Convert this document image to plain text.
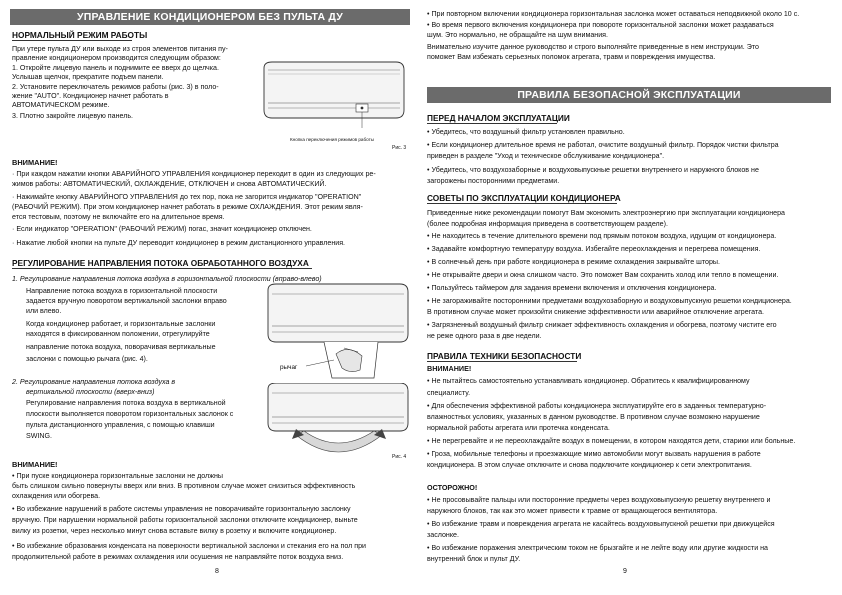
УПРАВЛЕНИЕ КОНДИЦИОНЕРОМ БЕЗ ПУЛЬТА ДУ
НОРМАЛЬНЫЙ РЕЖИМ РАБОТЫ
При утере пульта ДУ или выходе из строя элементов питания пу-
правление кондиционером производится следующим образом:
1. Откройте лицевую панель и поднимите ее вверх до щелчка.
Услышав щелчок, прекратите подъем панели.
2. Установите переключатель режимов работы (рис. 3) в поло-
жение "AUTO". Кондиционер начнет работать в
АВТОМАТИЧЕСКОМ режиме.
3. Плотно закройте лицевую панель.
Кнопка переключения режимов работы
Рис. 3
ВНИМАНИЕ!
· При каждом нажатии кнопки АВАРИЙНОГО УПРАВЛЕНИЯ кондиционер переходит в один из следующих ре-
жимов работы: АВТОМАТИЧЕСКИЙ, ОХЛАЖДЕНИЕ, ОТКЛЮЧЕН и снова АВТОМАТИЧЕСКИЙ.
· Нажимайте кнопку АВАРИЙНОГО УПРАВЛЕНИЯ до тех пор, пока не загорится индикатор "OPERATION"
(РАБОЧИЙ РЕЖИМ). При этом кондиционер начнет работать в режиме ОХЛАЖДЕНИЯ. Этот режим явля-
ется тестовым, поэтому не включайте его на длительное время.
· Если индикатор "OPERATION" (РАБОЧИЙ РЕЖИМ) погас, значит кондиционер отключен.
· Нажатие любой кнопки на пульте ДУ переводит кондиционер в режим дистанционного управления.
РЕГУЛИРОВАНИЕ НАПРАВЛЕНИЯ ПОТОКА ОБРАБОТАННОГО ВОЗДУХА
1. Регулирование направления потока воздуха в горизонтальной плоскости (вправо-влево)
Направление потока воздуха в горизонтальной плоскости
задается вручную поворотом вертикальной заслонки вправо
или влево.
Когда кондиционер работает, и горизонтальные заслонки
находятся в фиксированном положении, отрегулируйте
направление потока воздуха, поворачивая вертикальные
заслонки с помощью рычага (рис. 4).
рычаг
2. Регулирование направления потока воздуха в
вертикальной плоскости (вверх-вниз)
Регулирование направления потока воздуха в вертикальной
плоскости выполняется поворотом горизонтальных заслонок с
пульта дистанционного управления, с помощью клавиши
SWING.
Рис. 4
ВНИМАНИЕ!
• При пуске кондиционера горизонтальные заслонки не должны
быть слишком сильно повернуты вверх или вниз. В противном случае может снизиться эффективность
охлаждения или обогрева.
• Во избежание нарушений в работе системы управления не поворачивайте горизонтальную заслонку
вручную. При нарушении нормальной работы горизонтальной заслонки отключите кондиционер, выньте
вилку из розетки, через несколько минут снова вставьте вилку в розетку и включите кондиционер.
• Во избежание образования конденсата на поверхности вертикальной заслонки и стекания его на пол при
продолжительной работе в режимах охлаждения или осушения не направляйте поток воздуха вниз.
8
• При повторном включении кондиционера горизонтальная заслонка может оставаться неподвижной около 10 с.
• Во время первого включения кондиционера при повороте горизонтальной заслонки может раздаваться
шум. Это нормально, не обращайте на шум внимания.
Внимательно изучите данное руководство и строго выполняйте приведенные в нем инструкции. Это
поможет Вам избежать серьезных поломок агрегата, травм и повреждения имущества.
ПРАВИЛА БЕЗОПАСНОЙ ЭКСПЛУАТАЦИИ
ПЕРЕД НАЧАЛОМ ЭКСПЛУАТАЦИИ
• Убедитесь, что воздушный фильтр установлен правильно.
• Если кондиционер длительное время не работал, очистите воздушный фильтр. Порядок чистки фильтра
приведен в разделе "Уход и техническое обслуживание кондиционера".
• Убедитесь, что воздухозаборные и воздуховыпускные решетки внутреннего и наружного блоков не
загорожены посторонними предметами.
СОВЕТЫ ПО ЭКСПЛУАТАЦИИ КОНДИЦИОНЕРА
Приведенные ниже рекомендации помогут Вам экономить электроэнергию при эксплуатации кондиционера
(более подробная информация приведена в соответствующем разделе).
• Не находитесь в течение длительного времени под прямым потоком воздуха, идущим от кондиционера.
• Задавайте комфортную температуру воздуха. Избегайте переохлаждения и перегрева помещения.
• В солнечный день при работе кондиционера в режиме охлаждения закрывайте шторы.
• Не открывайте двери и окна слишком часто. Это поможет Вам сохранить холод или тепло в помещении.
• Пользуйтесь таймером для задания времени включения и отключения кондиционера.
• Не загораживайте посторонними предметами воздухозаборную и воздуховыпускную решетки кондиционера.
В противном случае может произойти снижение эффективности или аварийное отключение агрегата.
• Загрязненный воздушный фильтр снижает эффективность охлаждения и обогрева, поэтому чистите его
не реже одного раза в две недели.
ПРАВИЛА ТЕХНИКИ БЕЗОПАСНОСТИ
ВНИМАНИЕ!
• Не пытайтесь самостоятельно устанавливать кондиционер. Обратитесь к квалифицированному
специалисту.
• Для обеспечения эффективной работы кондиционера эксплуатируйте его в заданных температурно-
влажностных условиях, указанных в данном руководстве. В противном случае возможно нарушение
нормальной работы агрегата или протечка конденсата.
• Не перегревайте и не переохлаждайте воздух в помещении, в котором находятся дети, старики или больные.
• Гроза, мобильные телефоны и проезжающие мимо автомобили могут вызвать нарушения в работе
кондиционера. В этом случае отключите и снова подключите кондиционер к сети электропитания.
ОСТОРОЖНО!
• Не просовывайте пальцы или посторонние предметы через воздуховыпускную решетку внутреннего и
наружного блоков, так как это может привести к травме от вращающегося вентилятора.
• Во избежание травм и повреждения агрегата не касайтесь воздуховыпускной решетки при движущейся
заслонке.
• Во избежание поражения электрическим током не брызгайте и не лейте воду или другие жидкости на
внутренний блок и пульт ДУ.
9
